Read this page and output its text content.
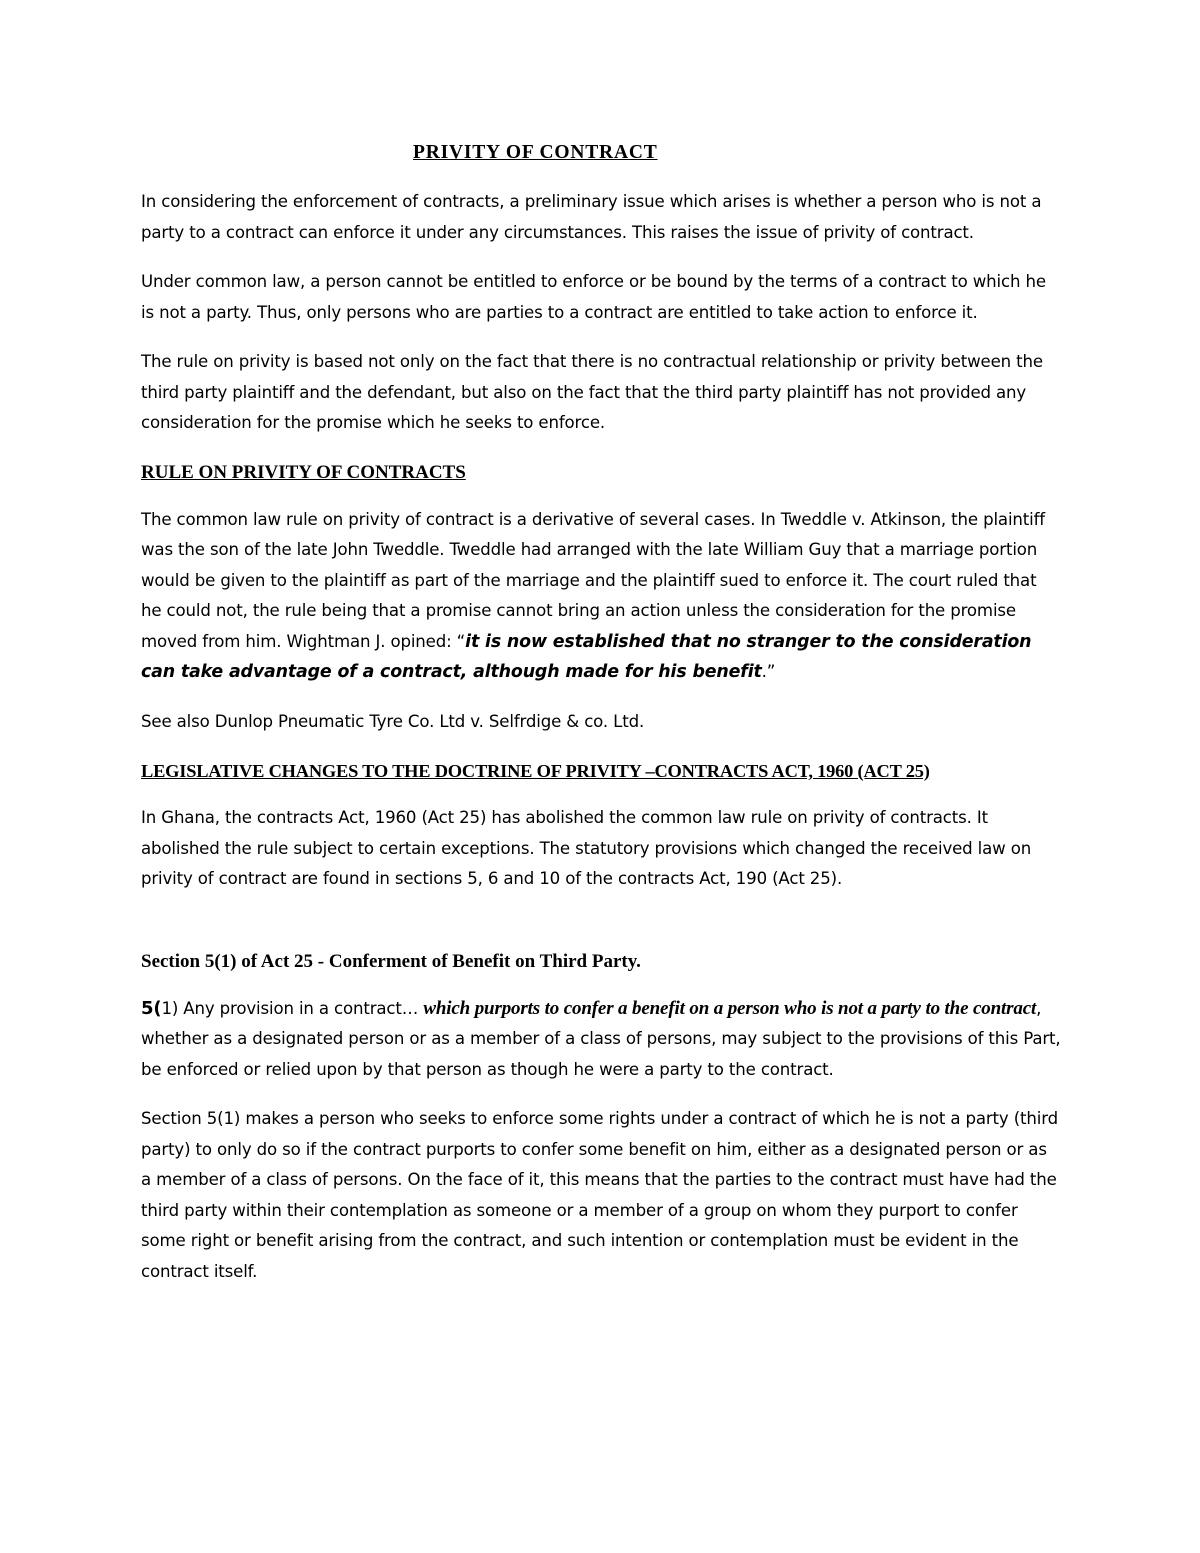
PRIVITY OF CONTRACT

In considering the enforcement of contracts, a preliminary issue which arises is whether a person who is not a party to a contract can enforce it under any circumstances. This raises the issue of privity of contract.

Under common law, a person cannot be entitled to enforce or be bound by the terms of a contract to which he is not a party. Thus, only persons who are parties to a contract are entitled to take action to enforce it.

The rule on privity is based not only on the fact that there is no contractual relationship or privity between the third party plaintiff and the defendant, but also on the fact that the third party plaintiff has not provided any consideration for the promise which he seeks to enforce.

RULE ON PRIVITY OF CONTRACTS

The common law rule on privity of contract is a derivative of several cases. In Tweddle v. Atkinson, the plaintiff was the son of the late John Tweddle. Tweddle had arranged with the late William Guy that a marriage portion would be given to the plaintiff as part of the marriage and the plaintiff sued to enforce it. The court ruled that he could not, the rule being that a promise cannot bring an action unless the consideration for the promise moved from him. Wightman J. opined: “it is now established that no stranger to the consideration can take advantage of a contract, although made for his benefit.”

See also Dunlop Pneumatic Tyre Co. Ltd v. Selfrdige & co. Ltd.

LEGISLATIVE CHANGES TO THE DOCTRINE OF PRIVITY –CONTRACTS ACT, 1960 (ACT 25)

In Ghana, the contracts Act, 1960 (Act 25) has abolished the common law rule on privity of contracts. It abolished the rule subject to certain exceptions. The statutory provisions which changed the received law on privity of contract are found in sections 5, 6 and 10 of the contracts Act, 190 (Act 25).

Section 5(1) of Act 25 - Conferment of Benefit on Third Party.

5(1) Any provision in a contract… which purports to confer a benefit on a person who is not a party to the contract, whether as a designated person or as a member of a class of persons, may subject to the provisions of this Part, be enforced or relied upon by that person as though he were a party to the contract.

Section 5(1) makes a person who seeks to enforce some rights under a contract of which he is not a party (third party) to only do so if the contract purports to confer some benefit on him, either as a designated person or as a member of a class of persons. On the face of it, this means that the parties to the contract must have had the third party within their contemplation as someone or a member of a group on whom they purport to confer some right or benefit arising from the contract, and such intention or contemplation must be evident in the contract itself.
